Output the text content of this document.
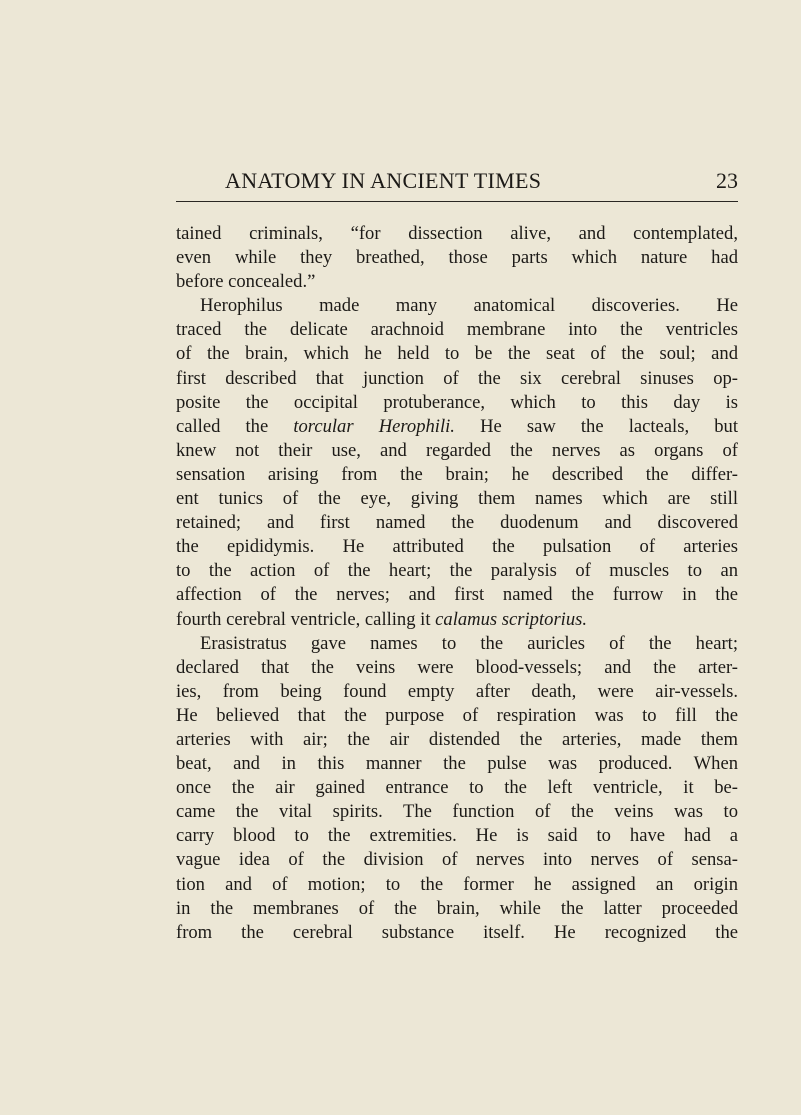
ANATOMY IN ANCIENT TIMES	23
tained criminals, “for dissection alive, and contemplated,
even while they breathed, those parts which nature had
before concealed.”
Herophilus made many anatomical discoveries. He
traced the delicate arachnoid membrane into the ventricles
of the brain, which he held to be the seat of the soul; and
first described that junction of the six cerebral sinuses op-
posite the occipital protuberance, which to this day is
called the torcular Herophili. He saw the lacteals, but
knew not their use, and regarded the nerves as organs of
sensation arising from the brain; he described the differ-
ent tunics of the eye, giving them names which are still
retained; and first named the duodenum and discovered
the epididymis. He attributed the pulsation of arteries
to the action of the heart; the paralysis of muscles to an
affection of the nerves; and first named the furrow in the
fourth cerebral ventricle, calling it calamus scriptorius.
Erasistratus gave names to the auricles of the heart;
declared that the veins were blood-vessels; and the arter-
ies, from being found empty after death, were air-vessels.
He believed that the purpose of respiration was to fill the
arteries with air; the air distended the arteries, made them
beat, and in this manner the pulse was produced. When
once the air gained entrance to the left ventricle, it be-
came the vital spirits. The function of the veins was to
carry blood to the extremities. He is said to have had a
vague idea of the division of nerves into nerves of sensa-
tion and of motion; to the former he assigned an origin
in the membranes of the brain, while the latter proceeded
from the cerebral substance itself. He recognized the
